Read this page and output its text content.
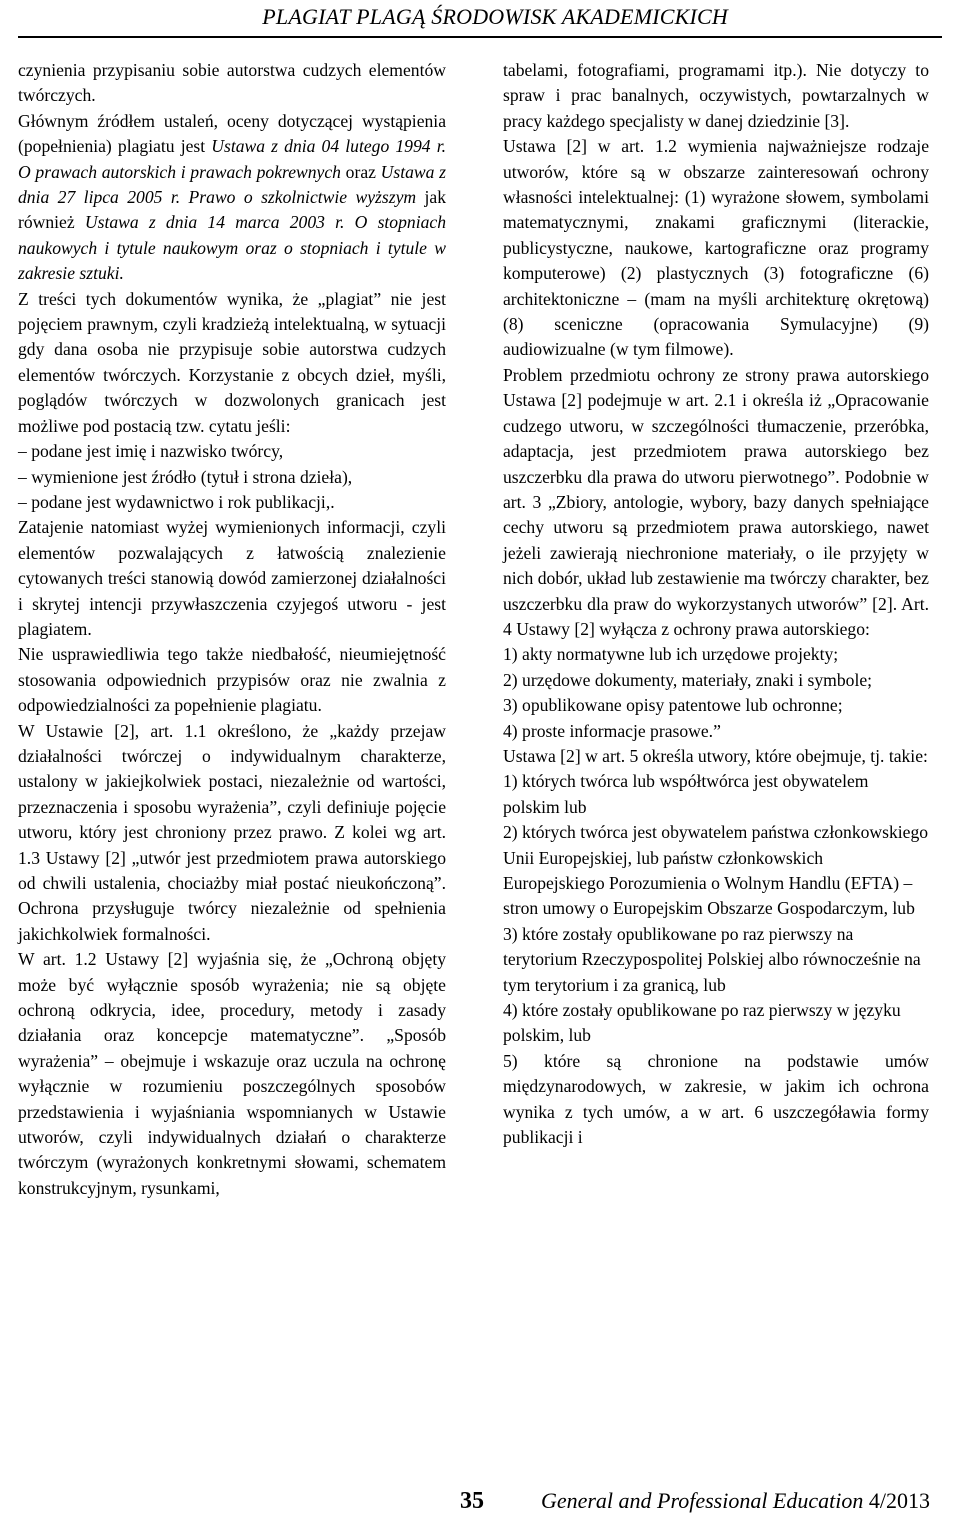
PLAGIAT PLAGĄ ŚRODOWISK AKADEMICKICH

czynienia przypisaniu sobie autorstwa cudzych elementów twórczych.

Głównym źródłem ustaleń, oceny dotyczącej wystąpienia (popełnienia) plagiatu jest Ustawa z dnia 04 lutego 1994 r. O prawach autorskich i prawach pokrewnych oraz Ustawa z dnia 27 lipca 2005 r. Prawo o szkolnictwie wyższym jak również Ustawa z dnia 14 marca 2003 r. O stopniach naukowych i tytule naukowym oraz o stopniach i tytule w zakresie sztuki.

Z treści tych dokumentów wynika, że „plagiat” nie jest pojęciem prawnym, czyli kradzieżą intelektualną, w sytuacji gdy dana osoba nie przypisuje sobie autorstwa cudzych elementów twórczych. Korzystanie z obcych dzieł, myśli, poglądów twórczych w dozwolonych granicach jest możliwe pod postacią tzw. cytatu jeśli:

– podane jest imię i nazwisko twórcy,

– wymienione jest źródło (tytuł i strona dzieła),

– podane jest wydawnictwo i rok publikacji,.

Zatajenie natomiast wyżej wymienionych informacji, czyli elementów pozwalających z łatwością znalezienie cytowanych treści stanowią dowód zamierzonej działalności i skrytej intencji przywłaszczenia czyjegoś utworu - jest plagiatem.

Nie usprawiedliwia tego także niedbałość, nieumiejętność stosowania odpowiednich przypisów oraz nie zwalnia z odpowiedzialności za popełnienie plagiatu.

W Ustawie [2], art. 1.1 określono, że „każdy przejaw działalności twórczej o indywidualnym charakterze, ustalony w jakiejkolwiek postaci, niezależnie od wartości, przeznaczenia i sposobu wyrażenia”, czyli definiuje pojęcie utworu, który jest chroniony przez prawo. Z kolei wg art. 1.3 Ustawy [2] „utwór jest przedmiotem prawa autorskiego od chwili ustalenia, chociażby miał postać nieukończoną”. Ochrona przysługuje twórcy niezależnie od spełnienia jakichkolwiek formalności.

W art. 1.2 Ustawy [2] wyjaśnia się, że „Ochroną objęty może być wyłącznie sposób wyrażenia; nie są objęte ochroną odkrycia, idee, procedury, metody i zasady działania oraz koncepcje matematyczne”. „Sposób wyrażenia” – obejmuje i wskazuje oraz uczula na ochronę wyłącznie w rozumieniu poszczególnych sposobów przedstawienia i wyjaśniania wspomnianych w Ustawie utworów, czyli indywidualnych działań o charakterze twórczym (wyrażonych konkretnymi słowami, schematem konstrukcyjnym, rysunkami,

tabelami, fotografiami, programami itp.). Nie dotyczy to spraw i prac banalnych, oczywistych, powtarzalnych w pracy każdego specjalisty w danej dziedzinie [3].

Ustawa [2] w art. 1.2 wymienia najważniejsze rodzaje utworów, które są w obszarze zainteresowań ochrony własności intelektualnej: (1) wyrażone słowem, symbolami matematycznymi, znakami graficznymi (literackie, publicystyczne, naukowe, kartograficzne oraz programy komputerowe) (2) plastycznych (3) fotograficzne (6) architektoniczne – (mam na myśli architekturę okrętową) (8) sceniczne (opracowania Symulacyjne) (9) audiowizualne (w tym filmowe).

Problem przedmiotu ochrony ze strony prawa autorskiego Ustawa [2] podejmuje w art. 2.1 i określa iż „Opracowanie cudzego utworu, w szczególności tłumaczenie, przeróbka, adaptacja, jest przedmiotem prawa autorskiego bez uszczerbku dla prawa do utworu pierwotnego”. Podobnie w art. 3 „Zbiory, antologie, wybory, bazy danych spełniające cechy utworu są przedmiotem prawa autorskiego, nawet jeżeli zawierają niechronione materiały, o ile przyjęty w nich dobór, układ lub zestawienie ma twórczy charakter, bez uszczerbku dla praw do wykorzystanych utworów” [2]. Art. 4 Ustawy [2] wyłącza z ochrony prawa autorskiego:

1) akty normatywne lub ich urzędowe projekty;

2) urzędowe dokumenty, materiały, znaki i symbole;

3) opublikowane opisy patentowe lub ochronne;

4) proste informacje prasowe.”

Ustawa [2] w art. 5 określa utwory, które obejmuje, tj. takie:

1) których twórca lub współtwórca jest obywatelem polskim lub

2) których twórca jest obywatelem państwa członkowskiego Unii Europejskiej, lub państw członkowskich Europejskiego Porozumienia o Wolnym Handlu (EFTA) – stron umowy o Europejskim Obszarze Gospodarczym, lub

3) które zostały opublikowane po raz pierwszy na terytorium Rzeczypospolitej Polskiej albo równocześnie na tym terytorium i za granicą, lub

4) które zostały opublikowane po raz pierwszy w języku polskim, lub

5) które są chronione na podstawie umów międzynarodowych, w zakresie, w jakim ich ochrona wynika z tych umów, a w art. 6 uszczegóławia formy publikacji i

35	General and Professional Education 4/2013
